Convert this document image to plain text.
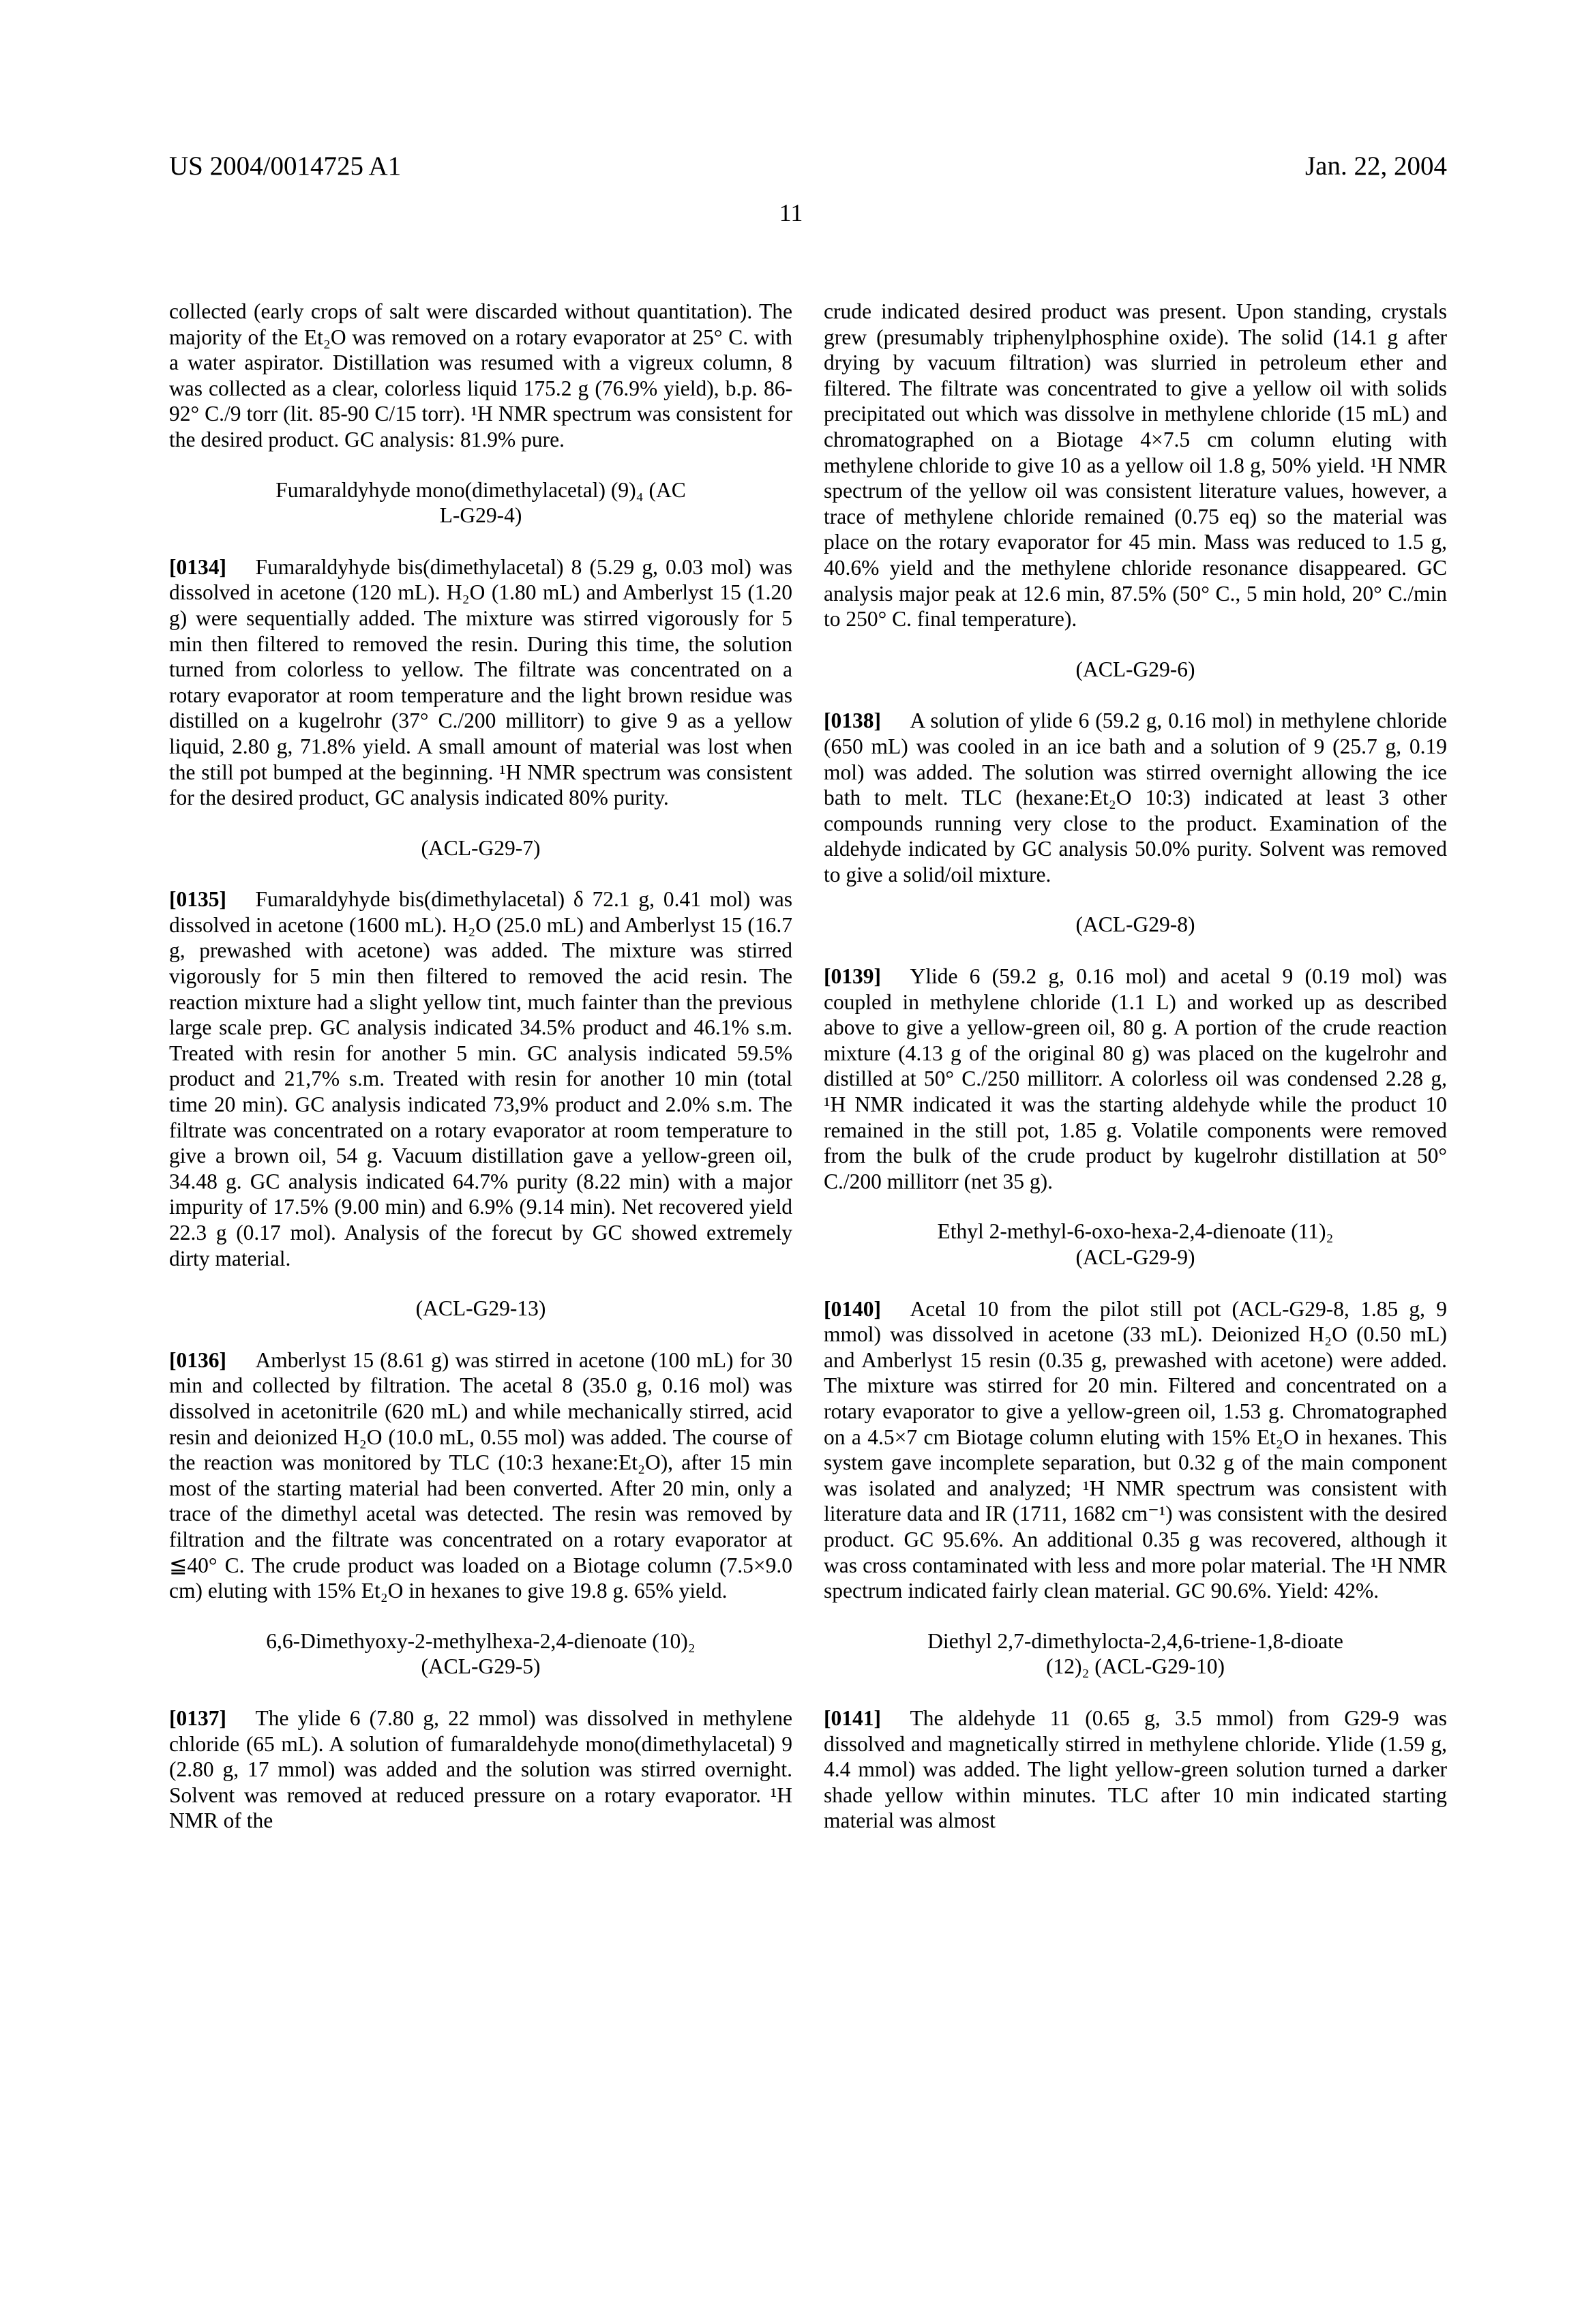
US 2004/0014725 A1	Jan. 22, 2004
11

collected (early crops of salt were discarded without quantitation). The majority of the Et₂O was removed on a rotary evaporator at 25° C. with a water aspirator. Distillation was resumed with a vigreux column, 8 was collected as a clear, colorless liquid 175.2 g (76.9% yield), b.p. 86-92° C./9 torr (lit. 85-90 C/15 torr). ¹H NMR spectrum was consistent for the desired product. GC analysis: 81.9% pure.

Fumaraldyhyde mono(dimethylacetal) (9)₄ (AC
L-G29-4)

[0134] Fumaraldyhyde bis(dimethylacetal) 8 (5.29 g, 0.03 mol) was dissolved in acetone (120 mL). H₂O (1.80 mL) and Amberlyst 15 (1.20 g) were sequentially added. The mixture was stirred vigorously for 5 min then filtered to removed the resin. During this time, the solution turned from colorless to yellow. The filtrate was concentrated on a rotary evaporator at room temperature and the light brown residue was distilled on a kugelrohr (37° C./200 millitorr) to give 9 as a yellow liquid, 2.80 g, 71.8% yield. A small amount of material was lost when the still pot bumped at the beginning. ¹H NMR spectrum was consistent for the desired product, GC analysis indicated 80% purity.

(ACL-G29-7)

[0135] Fumaraldyhyde bis(dimethylacetal) δ 72.1 g, 0.41 mol) was dissolved in acetone (1600 mL). H₂O (25.0 mL) and Amberlyst 15 (16.7 g, prewashed with acetone) was added. The mixture was stirred vigorously for 5 min then filtered to removed the acid resin. The reaction mixture had a slight yellow tint, much fainter than the previous large scale prep. GC analysis indicated 34.5% product and 46.1% s.m. Treated with resin for another 5 min. GC analysis indicated 59.5% product and 21,7% s.m. Treated with resin for another 10 min (total time 20 min). GC analysis indicated 73,9% product and 2.0% s.m. The filtrate was concentrated on a rotary evaporator at room temperature to give a brown oil, 54 g. Vacuum distillation gave a yellow-green oil, 34.48 g. GC analysis indicated 64.7% purity (8.22 min) with a major impurity of 17.5% (9.00 min) and 6.9% (9.14 min). Net recovered yield 22.3 g (0.17 mol). Analysis of the forecut by GC showed extremely dirty material.

(ACL-G29-13)

[0136] Amberlyst 15 (8.61 g) was stirred in acetone (100 mL) for 30 min and collected by filtration. The acetal 8 (35.0 g, 0.16 mol) was dissolved in acetonitrile (620 mL) and while mechanically stirred, acid resin and deionized H₂O (10.0 mL, 0.55 mol) was added. The course of the reaction was monitored by TLC (10:3 hexane:Et₂O), after 15 min most of the starting material had been converted. After 20 min, only a trace of the dimethyl acetal was detected. The resin was removed by filtration and the filtrate was concentrated on a rotary evaporator at ≦40° C. The crude product was loaded on a Biotage column (7.5×9.0 cm) eluting with 15% Et₂O in hexanes to give 19.8 g. 65% yield.

6,6-Dimethyoxy-2-methylhexa-2,4-dienoate (10)₂
(ACL-G29-5)

[0137] The ylide 6 (7.80 g, 22 mmol) was dissolved in methylene chloride (65 mL). A solution of fumaraldehyde mono(dimethylacetal) 9 (2.80 g, 17 mmol) was added and the solution was stirred overnight. Solvent was removed at reduced pressure on a rotary evaporator. ¹H NMR of the

crude indicated desired product was present. Upon standing, crystals grew (presumably triphenylphosphine oxide). The solid (14.1 g after drying by vacuum filtration) was slurried in petroleum ether and filtered. The filtrate was concentrated to give a yellow oil with solids precipitated out which was dissolve in methylene chloride (15 mL) and chromatographed on a Biotage 4×7.5 cm column eluting with methylene chloride to give 10 as a yellow oil 1.8 g, 50% yield. ¹H NMR spectrum of the yellow oil was consistent literature values, however, a trace of methylene chloride remained (0.75 eq) so the material was place on the rotary evaporator for 45 min. Mass was reduced to 1.5 g, 40.6% yield and the methylene chloride resonance disappeared. GC analysis major peak at 12.6 min, 87.5% (50° C., 5 min hold, 20° C./min to 250° C. final temperature).

(ACL-G29-6)

[0138] A solution of ylide 6 (59.2 g, 0.16 mol) in methylene chloride (650 mL) was cooled in an ice bath and a solution of 9 (25.7 g, 0.19 mol) was added. The solution was stirred overnight allowing the ice bath to melt. TLC (hexane:Et₂O 10:3) indicated at least 3 other compounds running very close to the product. Examination of the aldehyde indicated by GC analysis 50.0% purity. Solvent was removed to give a solid/oil mixture.

(ACL-G29-8)

[0139] Ylide 6 (59.2 g, 0.16 mol) and acetal 9 (0.19 mol) was coupled in methylene chloride (1.1 L) and worked up as described above to give a yellow-green oil, 80 g. A portion of the crude reaction mixture (4.13 g of the original 80 g) was placed on the kugelrohr and distilled at 50° C./250 millitorr. A colorless oil was condensed 2.28 g, ¹H NMR indicated it was the starting aldehyde while the product 10 remained in the still pot, 1.85 g. Volatile components were removed from the bulk of the crude product by kugelrohr distillation at 50° C./200 millitorr (net 35 g).

Ethyl 2-methyl-6-oxo-hexa-2,4-dienoate (11)₂
(ACL-G29-9)

[0140] Acetal 10 from the pilot still pot (ACL-G29-8, 1.85 g, 9 mmol) was dissolved in acetone (33 mL). Deionized H₂O (0.50 mL) and Amberlyst 15 resin (0.35 g, prewashed with acetone) were added. The mixture was stirred for 20 min. Filtered and concentrated on a rotary evaporator to give a yellow-green oil, 1.53 g. Chromatographed on a 4.5×7 cm Biotage column eluting with 15% Et₂O in hexanes. This system gave incomplete separation, but 0.32 g of the main component was isolated and analyzed; ¹H NMR spectrum was consistent with literature data and IR (1711, 1682 cm⁻¹) was consistent with the desired product. GC 95.6%. An additional 0.35 g was recovered, although it was cross contaminated with less and more polar material. The ¹H NMR spectrum indicated fairly clean material. GC 90.6%. Yield: 42%.

Diethyl 2,7-dimethylocta-2,4,6-triene-1,8-dioate
(12)₂ (ACL-G29-10)

[0141] The aldehyde 11 (0.65 g, 3.5 mmol) from G29-9 was dissolved and magnetically stirred in methylene chloride. Ylide (1.59 g, 4.4 mmol) was added. The light yellow-green solution turned a darker shade yellow within minutes. TLC after 10 min indicated starting material was almost
